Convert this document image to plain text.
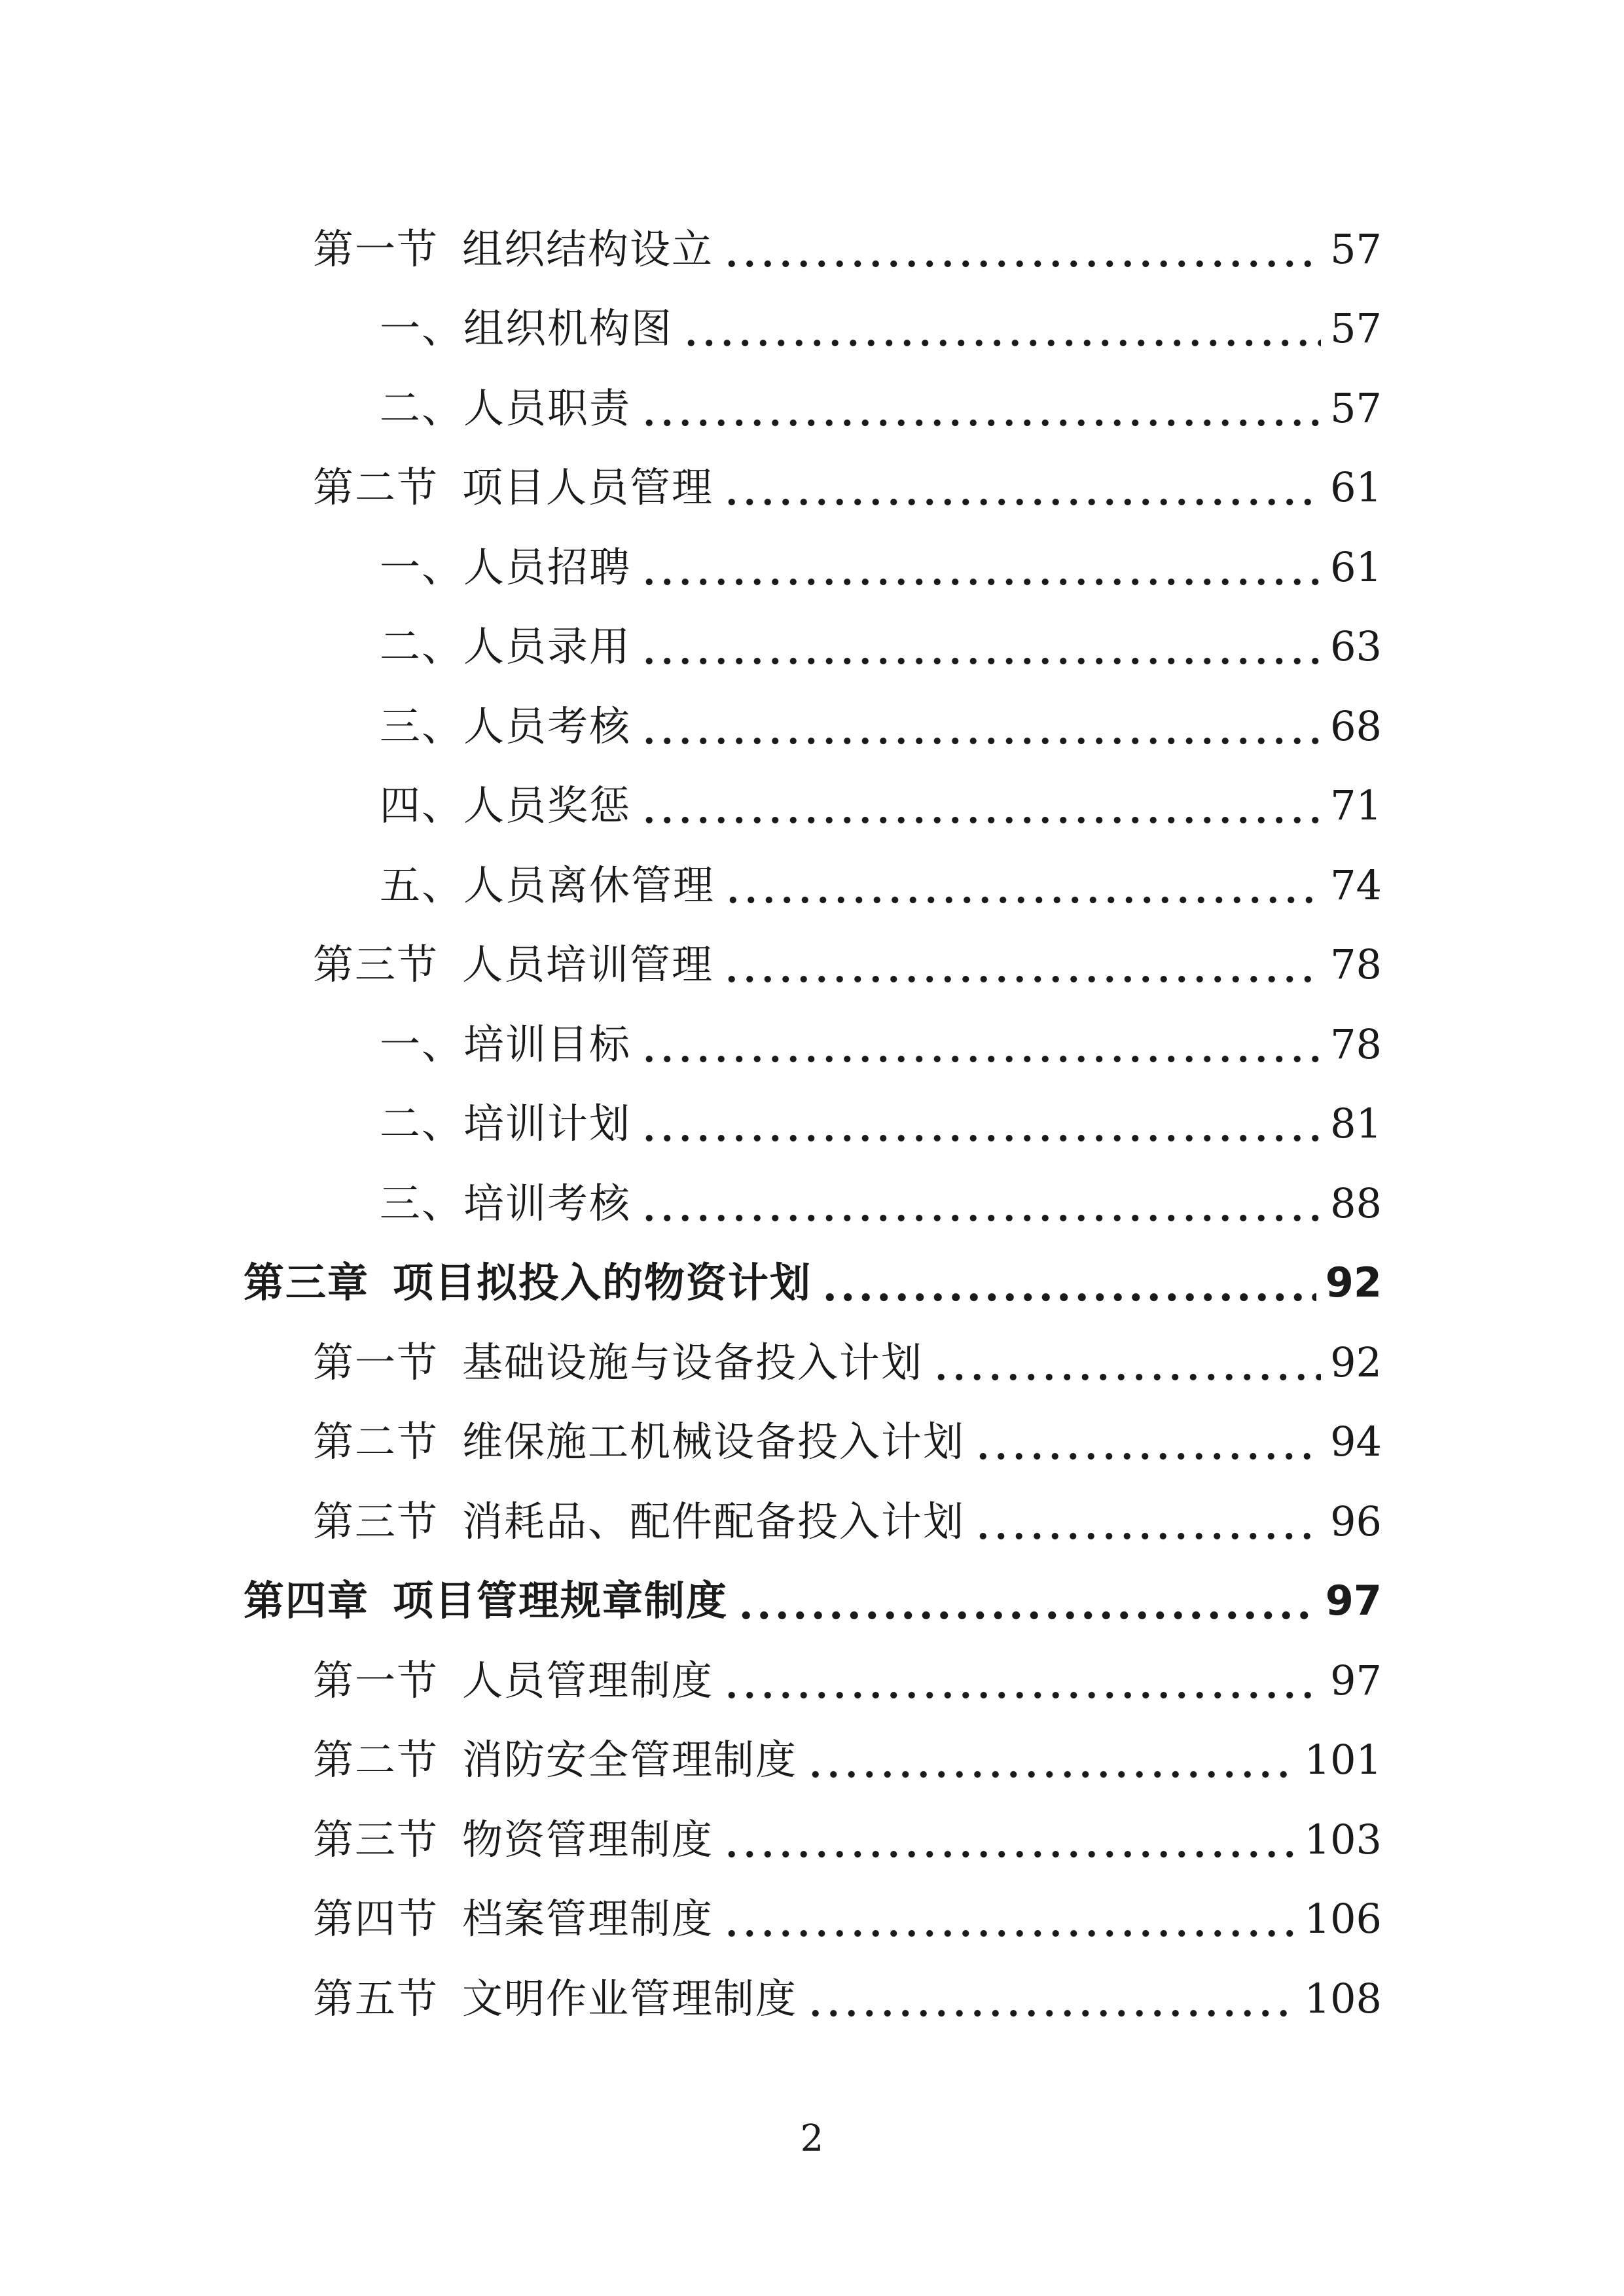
第一节 组织结构设立	57
一、组织机构图	57
二、人员职责	57
第二节 项目人员管理	61
一、人员招聘	61
二、人员录用	63
三、人员考核	68
四、人员奖惩	71
五、人员离休管理	74
第三节 人员培训管理	78
一、培训目标	78
二、培训计划	81
三、培训考核	88
第三章 项目拟投入的物资计划	92
第一节 基础设施与设备投入计划	92
第二节 维保施工机械设备投入计划	94
第三节 消耗品、配件配备投入计划	96
第四章 项目管理规章制度	97
第一节 人员管理制度	97
第二节 消防安全管理制度	101
第三节 物资管理制度	103
第四节 档案管理制度	106
第五节 文明作业管理制度	108
2
